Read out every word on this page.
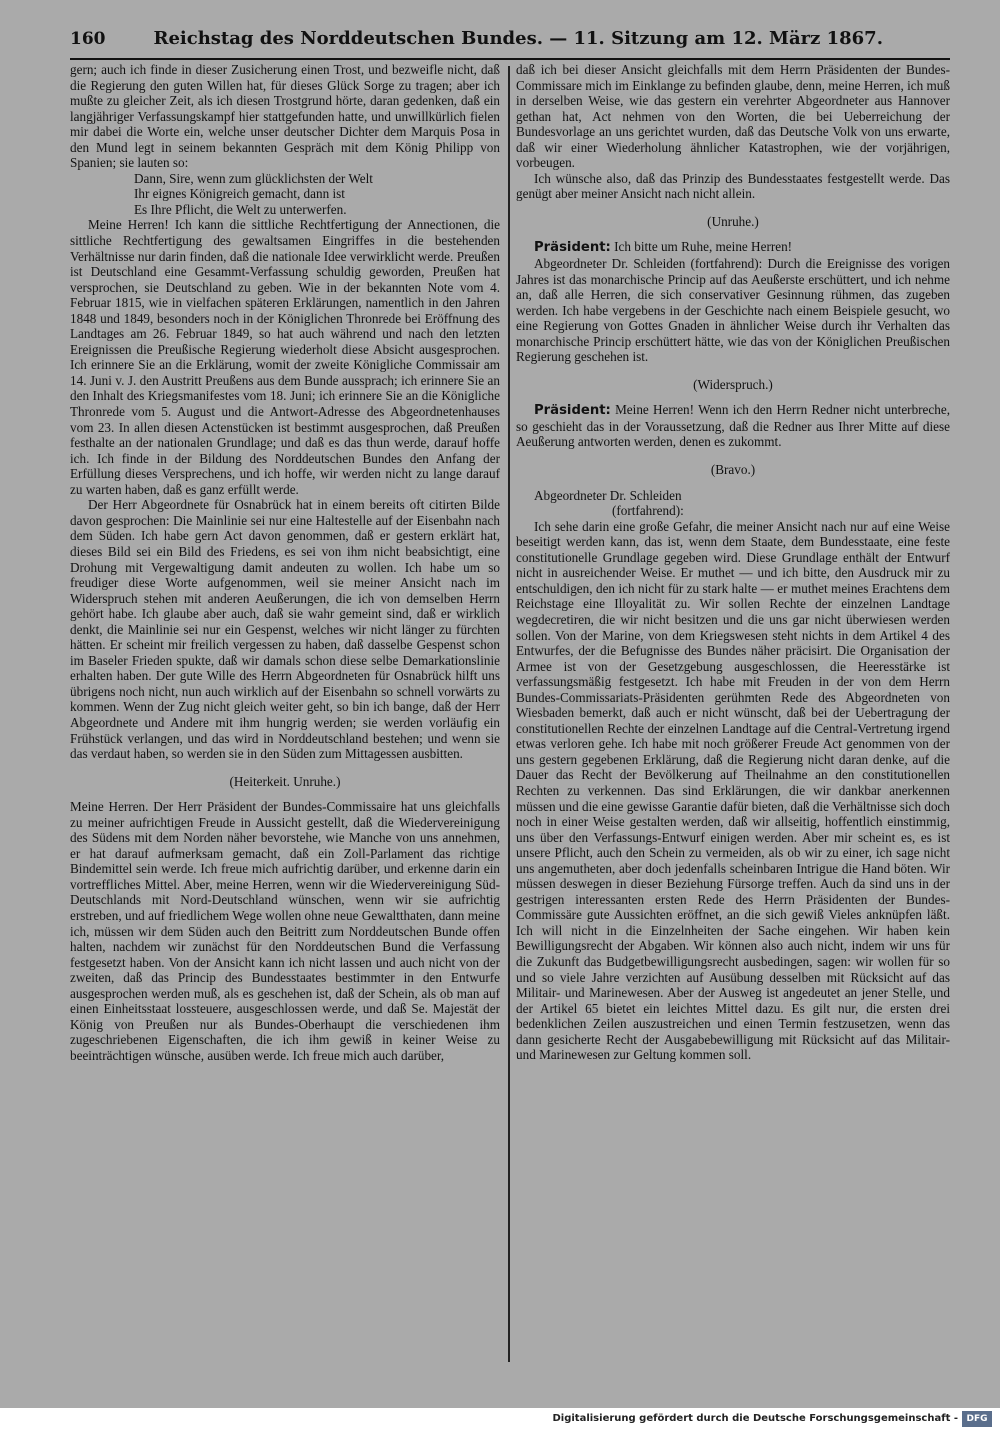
160	Reichstag des Norddeutschen Bundes. — 11. Sitzung am 12. März 1867.

gern; auch ich finde in dieser Zusicherung einen Trost, und bezweifle nicht, daß die Regierung den guten Willen hat, für dieses Glück Sorge zu tragen; aber ich mußte zu gleicher Zeit, als ich diesen Trostgrund hörte, daran gedenken, daß ein langjähriger Verfassungskampf hier stattgefunden hatte, und unwillkürlich fielen mir dabei die Worte ein, welche unser deutscher Dichter dem Marquis Posa in den Mund legt in seinem bekannten Gespräch mit dem König Philipp von Spanien; sie lauten so:

Dann, Sire, wenn zum glücklichsten der Welt

Ihr eignes Königreich gemacht, dann ist

Es Ihre Pflicht, die Welt zu unterwerfen.

Meine Herren! Ich kann die sittliche Rechtfertigung der Annectionen, die sittliche Rechtfertigung des gewaltsamen Eingriffes in die bestehenden Verhältnisse nur darin finden, daß die nationale Idee verwirklicht werde. Preußen ist Deutschland eine Gesammt-Verfassung schuldig geworden, Preußen hat versprochen, sie Deutschland zu geben. Wie in der bekannten Note vom 4. Februar 1815, wie in vielfachen späteren Erklärungen, namentlich in den Jahren 1848 und 1849, besonders noch in der Königlichen Thronrede bei Eröffnung des Landtages am 26. Februar 1849, so hat auch während und nach den letzten Ereignissen die Preußische Regierung wiederholt diese Absicht ausgesprochen. Ich erinnere Sie an die Erklärung, womit der zweite Königliche Commissair am 14. Juni v. J. den Austritt Preußens aus dem Bunde aussprach; ich erinnere Sie an den Inhalt des Kriegsmanifestes vom 18. Juni; ich erinnere Sie an die Königliche Thronrede vom 5. August und die Antwort-Adresse des Abgeordnetenhauses vom 23. In allen diesen Actenstücken ist bestimmt ausgesprochen, daß Preußen festhalte an der nationalen Grundlage; und daß es das thun werde, darauf hoffe ich. Ich finde in der Bildung des Norddeutschen Bundes den Anfang der Erfüllung dieses Versprechens, und ich hoffe, wir werden nicht zu lange darauf zu warten haben, daß es ganz erfüllt werde.

Der Herr Abgeordnete für Osnabrück hat in einem bereits oft citirten Bilde davon gesprochen: Die Mainlinie sei nur eine Haltestelle auf der Eisenbahn nach dem Süden. Ich habe gern Act davon genommen, daß er gestern erklärt hat, dieses Bild sei ein Bild des Friedens, es sei von ihm nicht beabsichtigt, eine Drohung mit Vergewaltigung damit andeuten zu wollen. Ich habe um so freudiger diese Worte aufgenommen, weil sie meiner Ansicht nach im Widerspruch stehen mit anderen Aeußerungen, die ich von demselben Herrn gehört habe. Ich glaube aber auch, daß sie wahr gemeint sind, daß er wirklich denkt, die Mainlinie sei nur ein Gespenst, welches wir nicht länger zu fürchten hätten. Er scheint mir freilich vergessen zu haben, daß dasselbe Gespenst schon im Baseler Frieden spukte, daß wir damals schon diese selbe Demarkationslinie erhalten haben. Der gute Wille des Herrn Abgeordneten für Osnabrück hilft uns übrigens noch nicht, nun auch wirklich auf der Eisenbahn so schnell vorwärts zu kommen. Wenn der Zug nicht gleich weiter geht, so bin ich bange, daß der Herr Abgeordnete und Andere mit ihm hungrig werden; sie werden vorläufig ein Frühstück verlangen, und das wird in Norddeutschland bestehen; und wenn sie das verdaut haben, so werden sie in den Süden zum Mittagessen ausbitten.

(Heiterkeit. Unruhe.)

Meine Herren. Der Herr Präsident der Bundes-Commissaire hat uns gleichfalls zu meiner aufrichtigen Freude in Aussicht gestellt, daß die Wiedervereinigung des Südens mit dem Norden näher bevorstehe, wie Manche von uns annehmen, er hat darauf aufmerksam gemacht, daß ein Zoll-Parlament das richtige Bindemittel sein werde. Ich freue mich aufrichtig darüber, und erkenne darin ein vortreffliches Mittel. Aber, meine Herren, wenn wir die Wiedervereinigung Süd-Deutschlands mit Nord-Deutschland wünschen, wenn wir sie aufrichtig erstreben, und auf friedlichem Wege wollen ohne neue Gewaltthaten, dann meine ich, müssen wir dem Süden auch den Beitritt zum Norddeutschen Bunde offen halten, nachdem wir zunächst für den Norddeutschen Bund die Verfassung festgesetzt haben. Von der Ansicht kann ich nicht lassen und auch nicht von der zweiten, daß das Princip des Bundesstaates bestimmter in den Entwurfe ausgesprochen werden muß, als es geschehen ist, daß der Schein, als ob man auf einen Einheitsstaat lossteuere, ausgeschlossen werde, und daß Se. Majestät der König von Preußen nur als Bundes-Oberhaupt die verschiedenen ihm zugeschriebenen Eigenschaften, die ich ihm gewiß in keiner Weise zu beeinträchtigen wünsche, ausüben werde. Ich freue mich auch darüber,

daß ich bei dieser Ansicht gleichfalls mit dem Herrn Präsidenten der Bundes-Commissare mich im Einklange zu befinden glaube, denn, meine Herren, ich muß in derselben Weise, wie das gestern ein verehrter Abgeordneter aus Hannover gethan hat, Act nehmen von den Worten, die bei Ueberreichung der Bundesvorlage an uns gerichtet wurden, daß das Deutsche Volk von uns erwarte, daß wir einer Wiederholung ähnlicher Katastrophen, wie der vorjährigen, vorbeugen.

Ich wünsche also, daß das Prinzip des Bundesstaates festgestellt werde. Das genügt aber meiner Ansicht nach nicht allein.

(Unruhe.)

Präsident: Ich bitte um Ruhe, meine Herren!

Abgeordneter Dr. Schleiden (fortfahrend): Durch die Ereignisse des vorigen Jahres ist das monarchische Princip auf das Aeußerste erschüttert, und ich nehme an, daß alle Herren, die sich conservativer Gesinnung rühmen, das zugeben werden. Ich habe vergebens in der Geschichte nach einem Beispiele gesucht, wo eine Regierung von Gottes Gnaden in ähnlicher Weise durch ihr Verhalten das monarchische Princip erschüttert hätte, wie das von der Königlichen Preußischen Regierung geschehen ist.

(Widerspruch.)

Präsident: Meine Herren! Wenn ich den Herrn Redner nicht unterbreche, so geschieht das in der Voraussetzung, daß die Redner aus Ihrer Mitte auf diese Aeußerung antworten werden, denen es zukommt.

(Bravo.)

Abgeordneter Dr. Schleiden

(fortfahrend):

Ich sehe darin eine große Gefahr, die meiner Ansicht nach nur auf eine Weise beseitigt werden kann, das ist, wenn dem Staate, dem Bundesstaate, eine feste constitutionelle Grundlage gegeben wird. Diese Grundlage enthält der Entwurf nicht in ausreichender Weise. Er muthet — und ich bitte, den Ausdruck mir zu entschuldigen, den ich nicht für zu stark halte — er muthet meines Erachtens dem Reichstage eine Illoyalität zu. Wir sollen Rechte der einzelnen Landtage wegdecretiren, die wir nicht besitzen und die uns gar nicht überwiesen werden sollen. Von der Marine, von dem Kriegswesen steht nichts in dem Artikel 4 des Entwurfes, der die Befugnisse des Bundes näher präcisirt. Die Organisation der Armee ist von der Gesetzgebung ausgeschlossen, die Heeresstärke ist verfassungsmäßig festgesetzt. Ich habe mit Freuden in der von dem Herrn Bundes-Commissariats-Präsidenten gerühmten Rede des Abgeordneten von Wiesbaden bemerkt, daß auch er nicht wünscht, daß bei der Uebertragung der constitutionellen Rechte der einzelnen Landtage auf die Central-Vertretung irgend etwas verloren gehe. Ich habe mit noch größerer Freude Act genommen von der uns gestern gegebenen Erklärung, daß die Regierung nicht daran denke, auf die Dauer das Recht der Bevölkerung auf Theilnahme an den constitutionellen Rechten zu verkennen. Das sind Erklärungen, die wir dankbar anerkennen müssen und die eine gewisse Garantie dafür bieten, daß die Verhältnisse sich doch noch in einer Weise gestalten werden, daß wir allseitig, hoffentlich einstimmig, uns über den Verfassungs-Entwurf einigen werden. Aber mir scheint es, es ist unsere Pflicht, auch den Schein zu vermeiden, als ob wir zu einer, ich sage nicht uns angemutheten, aber doch jedenfalls scheinbaren Intrigue die Hand böten. Wir müssen deswegen in dieser Beziehung Fürsorge treffen. Auch da sind uns in der gestrigen interessanten ersten Rede des Herrn Präsidenten der Bundes-Commissäre gute Aussichten eröffnet, an die sich gewiß Vieles anknüpfen läßt. Ich will nicht in die Einzelnheiten der Sache eingehen. Wir haben kein Bewilligungsrecht der Abgaben. Wir können also auch nicht, indem wir uns für die Zukunft das Budgetbewilligungsrecht ausbedingen, sagen: wir wollen für so und so viele Jahre verzichten auf Ausübung desselben mit Rücksicht auf das Militair- und Marinewesen. Aber der Ausweg ist angedeutet an jener Stelle, und der Artikel 65 bietet ein leichtes Mittel dazu. Es gilt nur, die ersten drei bedenklichen Zeilen auszustreichen und einen Termin festzusetzen, wenn das dann gesicherte Recht der Ausgabebewilligung mit Rücksicht auf das Militair- und Marinewesen zur Geltung kommen soll.

Digitalisierung gefördert durch die Deutsche Forschungsgemeinschaft - DFG
